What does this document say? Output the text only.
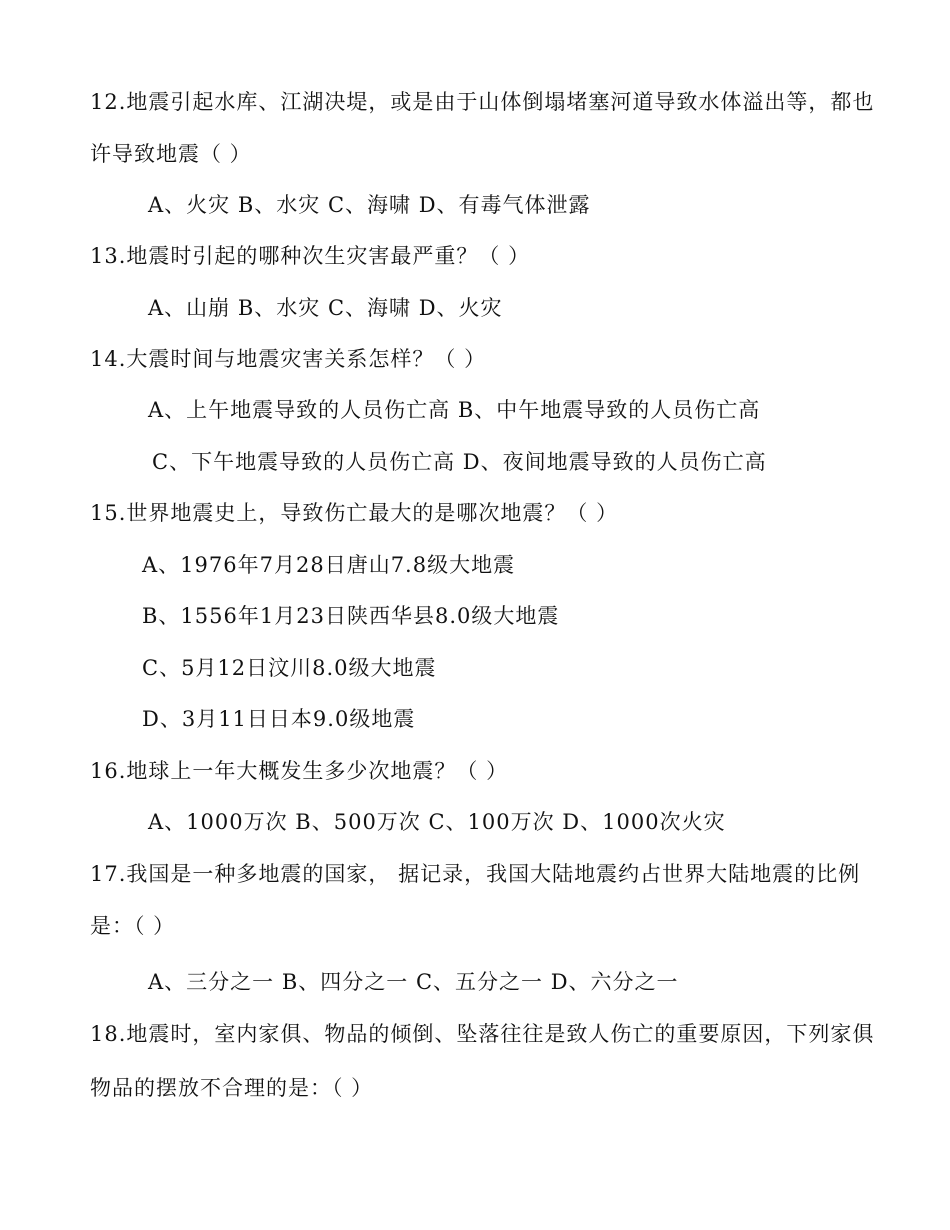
12.地震引起水库、江湖决堤，或是由于山体倒塌堵塞河道导致水体溢出等，都也
许导致地震（ ）
A、火灾 B、水灾 C、海啸 D、有毒气体泄露
13.地震时引起的哪种次生灾害最严重？（ ）
A、山崩 B、水灾 C、海啸 D、火灾
14.大震时间与地震灾害关系怎样？（ ）
A、上午地震导致的人员伤亡高 B、中午地震导致的人员伤亡高
C、下午地震导致的人员伤亡高 D、夜间地震导致的人员伤亡高
15.世界地震史上，导致伤亡最大的是哪次地震？（ ）
A、1976年7月28日唐山7.8级大地震
B、1556年1月23日陕西华县8.0级大地震
C、5月12日汶川8.0级大地震
D、3月11日日本9.0级地震
16.地球上一年大概发生多少次地震？（ ）
A、1000万次 B、500万次 C、100万次 D、1000次火灾
17.我国是一种多地震的国家， 据记录，我国大陆地震约占世界大陆地震的比例
是：（ ）
A、三分之一 B、四分之一 C、五分之一 D、六分之一
18.地震时，室内家俱、物品的倾倒、坠落往往是致人伤亡的重要原因，下列家俱
物品的摆放不合理的是：（ ）
